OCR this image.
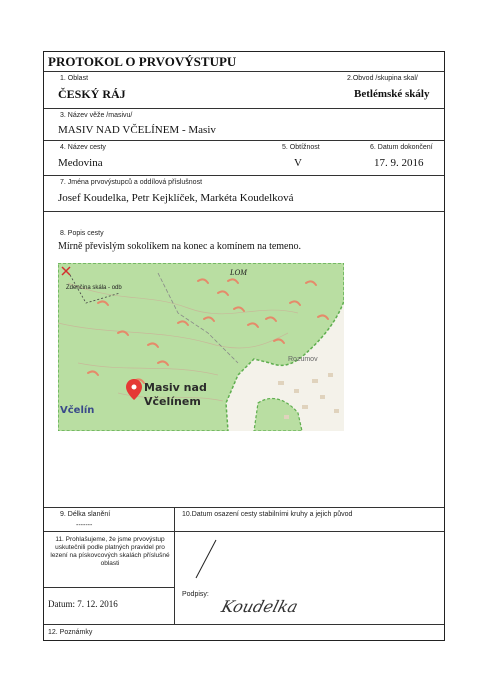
PROTOKOL O PRVOVÝSTUPU
1. Oblast
ČESKÝ RÁJ
2.Obvod /skupina skal/
Betlémské skály
3. Název věže /masivu/
MASIV NAD VČELÍNEM - Masiv
4. Název cesty
Medovina
5. Obtížnost
V
6. Datum dokončení
17. 9. 2016
7. Jména prvovýstupců a oddílová příslušnost
Josef Koudelka, Petr Kejklíček, Markéta Koudelková
8. Popis cesty
Mírně převislým sokolíkem na konec a komínem na temeno.
Zdenčina skála - odb
LOM
Rozumov
Včelín
Masiv nad
Včelínem
9. Délka slanění
-------
10.Datum osazení cesty stabilními kruhy a jejich původ
11. Prohlašujeme, že jsme prvovýstup uskutečnili podle platných pravidel pro lezení na pískovcových skalách příslušné oblasti
Datum: 7. 12. 2016
Podpisy:
Koudelka
12. Poznámky
